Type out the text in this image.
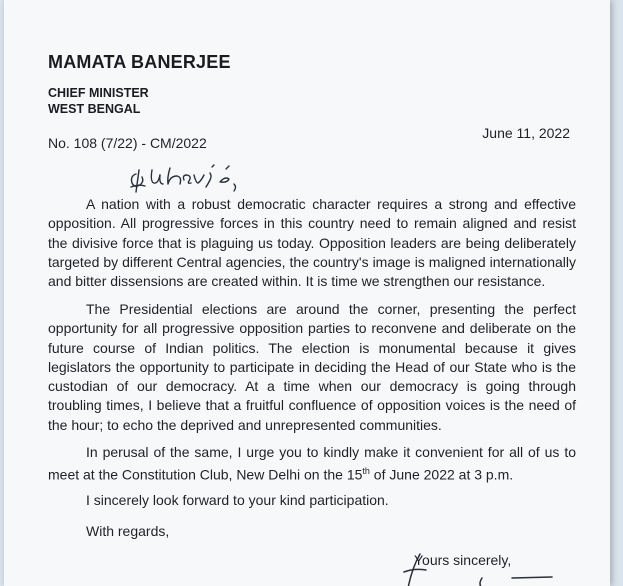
MAMATA BANERJEE
CHIEF MINISTER
WEST BENGAL
No. 108 (7/22) - CM/2022
June 11, 2022

A nation with a robust democratic character requires a strong and effective opposition. All progressive forces in this country need to remain aligned and resist the divisive force that is plaguing us today. Opposition leaders are being deliberately targeted by different Central agencies, the country's image is maligned internationally and bitter dissensions are created within. It is time we strengthen our resistance.

The Presidential elections are around the corner, presenting the perfect opportunity for all progressive opposition parties to reconvene and deliberate on the future course of Indian politics. The election is monumental because it gives legislators the opportunity to participate in deciding the Head of our State who is the custodian of our democracy. At a time when our democracy is going through troubling times, I believe that a fruitful confluence of opposition voices is the need of the hour; to echo the deprived and unrepresented communities.

In perusal of the same, I urge you to kindly make it convenient for all of us to meet at the Constitution Club, New Delhi on the 15th of June 2022 at 3 p.m.

I sincerely look forward to your kind participation.
With regards,
Yours sincerely,
